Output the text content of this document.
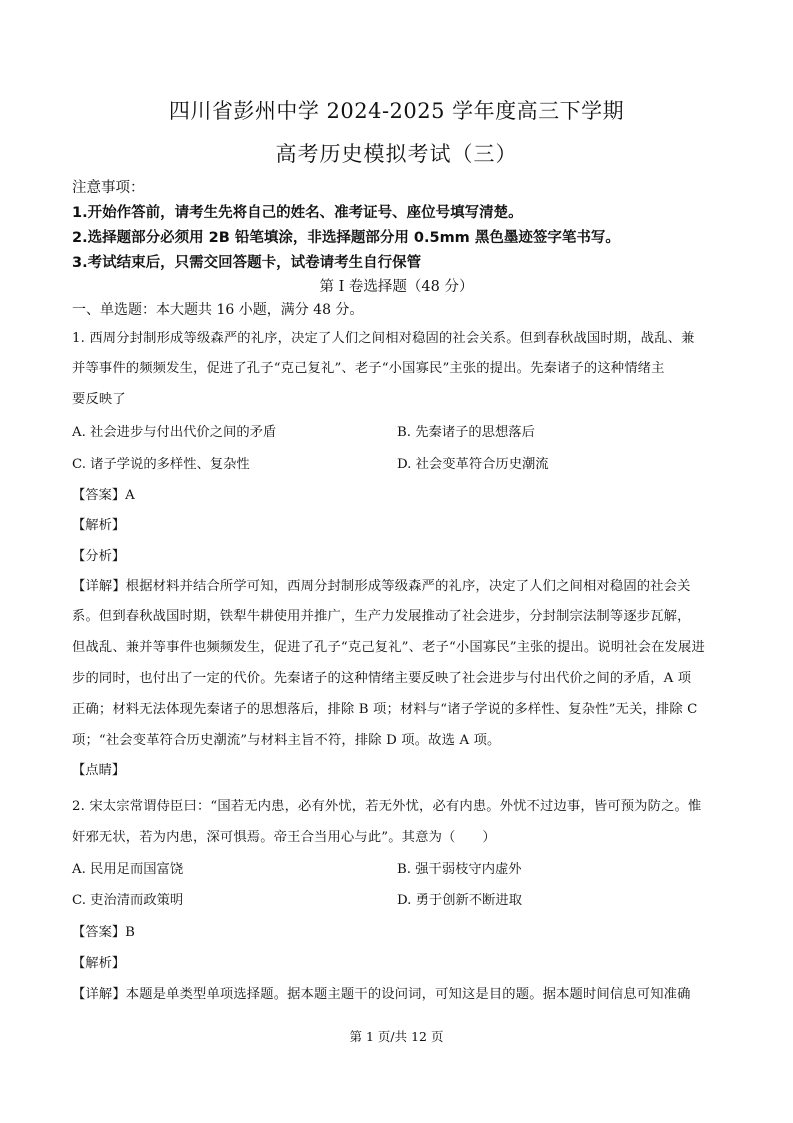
四川省彭州中学 2024-2025 学年度高三下学期
高考历史模拟考试（三）
注意事项：
1.开始作答前，请考生先将自己的姓名、准考证号、座位号填写清楚。
2.选择题部分必须用 2B 铅笔填涂，非选择题部分用 0.5mm 黑色墨迹签字笔书写。
3.考试结束后，只需交回答题卡，试卷请考生自行保管
第 I 卷选择题（48 分）
一、单选题：本大题共 16 小题，满分 48 分。
1. 西周分封制形成等级森严的礼序，决定了人们之间相对稳固的社会关系。但到春秋战国时期，战乱、兼
并等事件的频频发生，促进了孔子“克己复礼”、老子“小国寡民”主张的提出。先秦诸子的这种情绪主
要反映了
A. 社会进步与付出代价之间的矛盾	B. 先秦诸子的思想落后
C. 诸子学说的多样性、复杂性	D. 社会变革符合历史潮流
【答案】A
【解析】
【分析】
【详解】根据材料并结合所学可知，西周分封制形成等级森严的礼序，决定了人们之间相对稳固的社会关
系。但到春秋战国时期，铁犁牛耕使用并推广，生产力发展推动了社会进步，分封制宗法制等逐步瓦解，
但战乱、兼并等事件也频频发生，促进了孔子“克己复礼”、老子“小国寡民”主张的提出。说明社会在发展进
步的同时，也付出了一定的代价。先秦诸子的这种情绪主要反映了社会进步与付出代价之间的矛盾，A 项
正确；材料无法体现先秦诸子的思想落后，排除 B 项；材料与“诸子学说的多样性、复杂性”无关，排除 C
项；“社会变革符合历史潮流”与材料主旨不符，排除 D 项。故选 A 项。
【点睛】
2. 宋太宗常谓侍臣曰：“国若无内患，必有外忧，若无外忧，必有内患。外忧不过边事，皆可预为防之。惟
奸邪无状，若为内患，深可惧焉。帝王合当用心与此”。其意为（　　）
A. 民用足而国富饶	B. 强干弱枝守内虚外
C. 吏治清而政策明	D. 勇于创新不断进取
【答案】B
【解析】
【详解】本题是单类型单项选择题。据本题主题干的设问词，可知这是目的题。据本题时间信息可知准确
第 1 页/共 12 页
